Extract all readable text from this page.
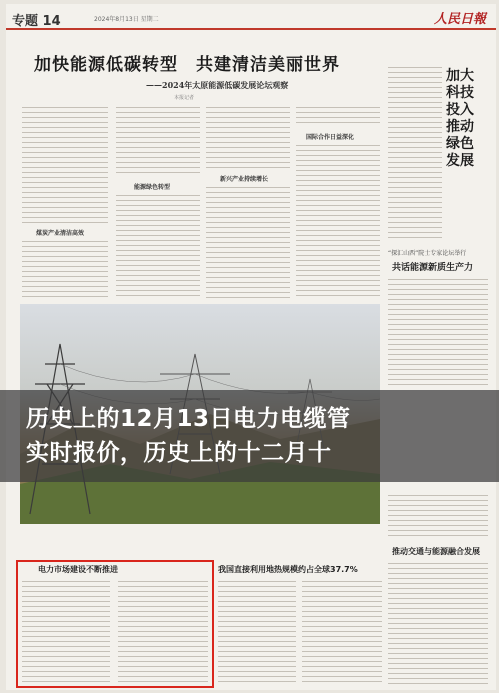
专题 14	2024年8月13日 星期二	人民日報
加快能源低碳转型　共建清洁美丽世界
——2024年太原能源低碳发展论坛观察
本报记者
煤炭产业清洁高效
能源绿色转型
新兴产业持续增长
国际合作日益深化
加大科技投入 推动绿色发展
“探汇山西”院士专家论坛举行
共话能源新质生产力
推动交通与能源融合发展
电力市场建设不断推进	我国直接利用地热规模约占全球37.7%
历史上的12月13日电力电缆管
实时报价，历史上的十二月十
